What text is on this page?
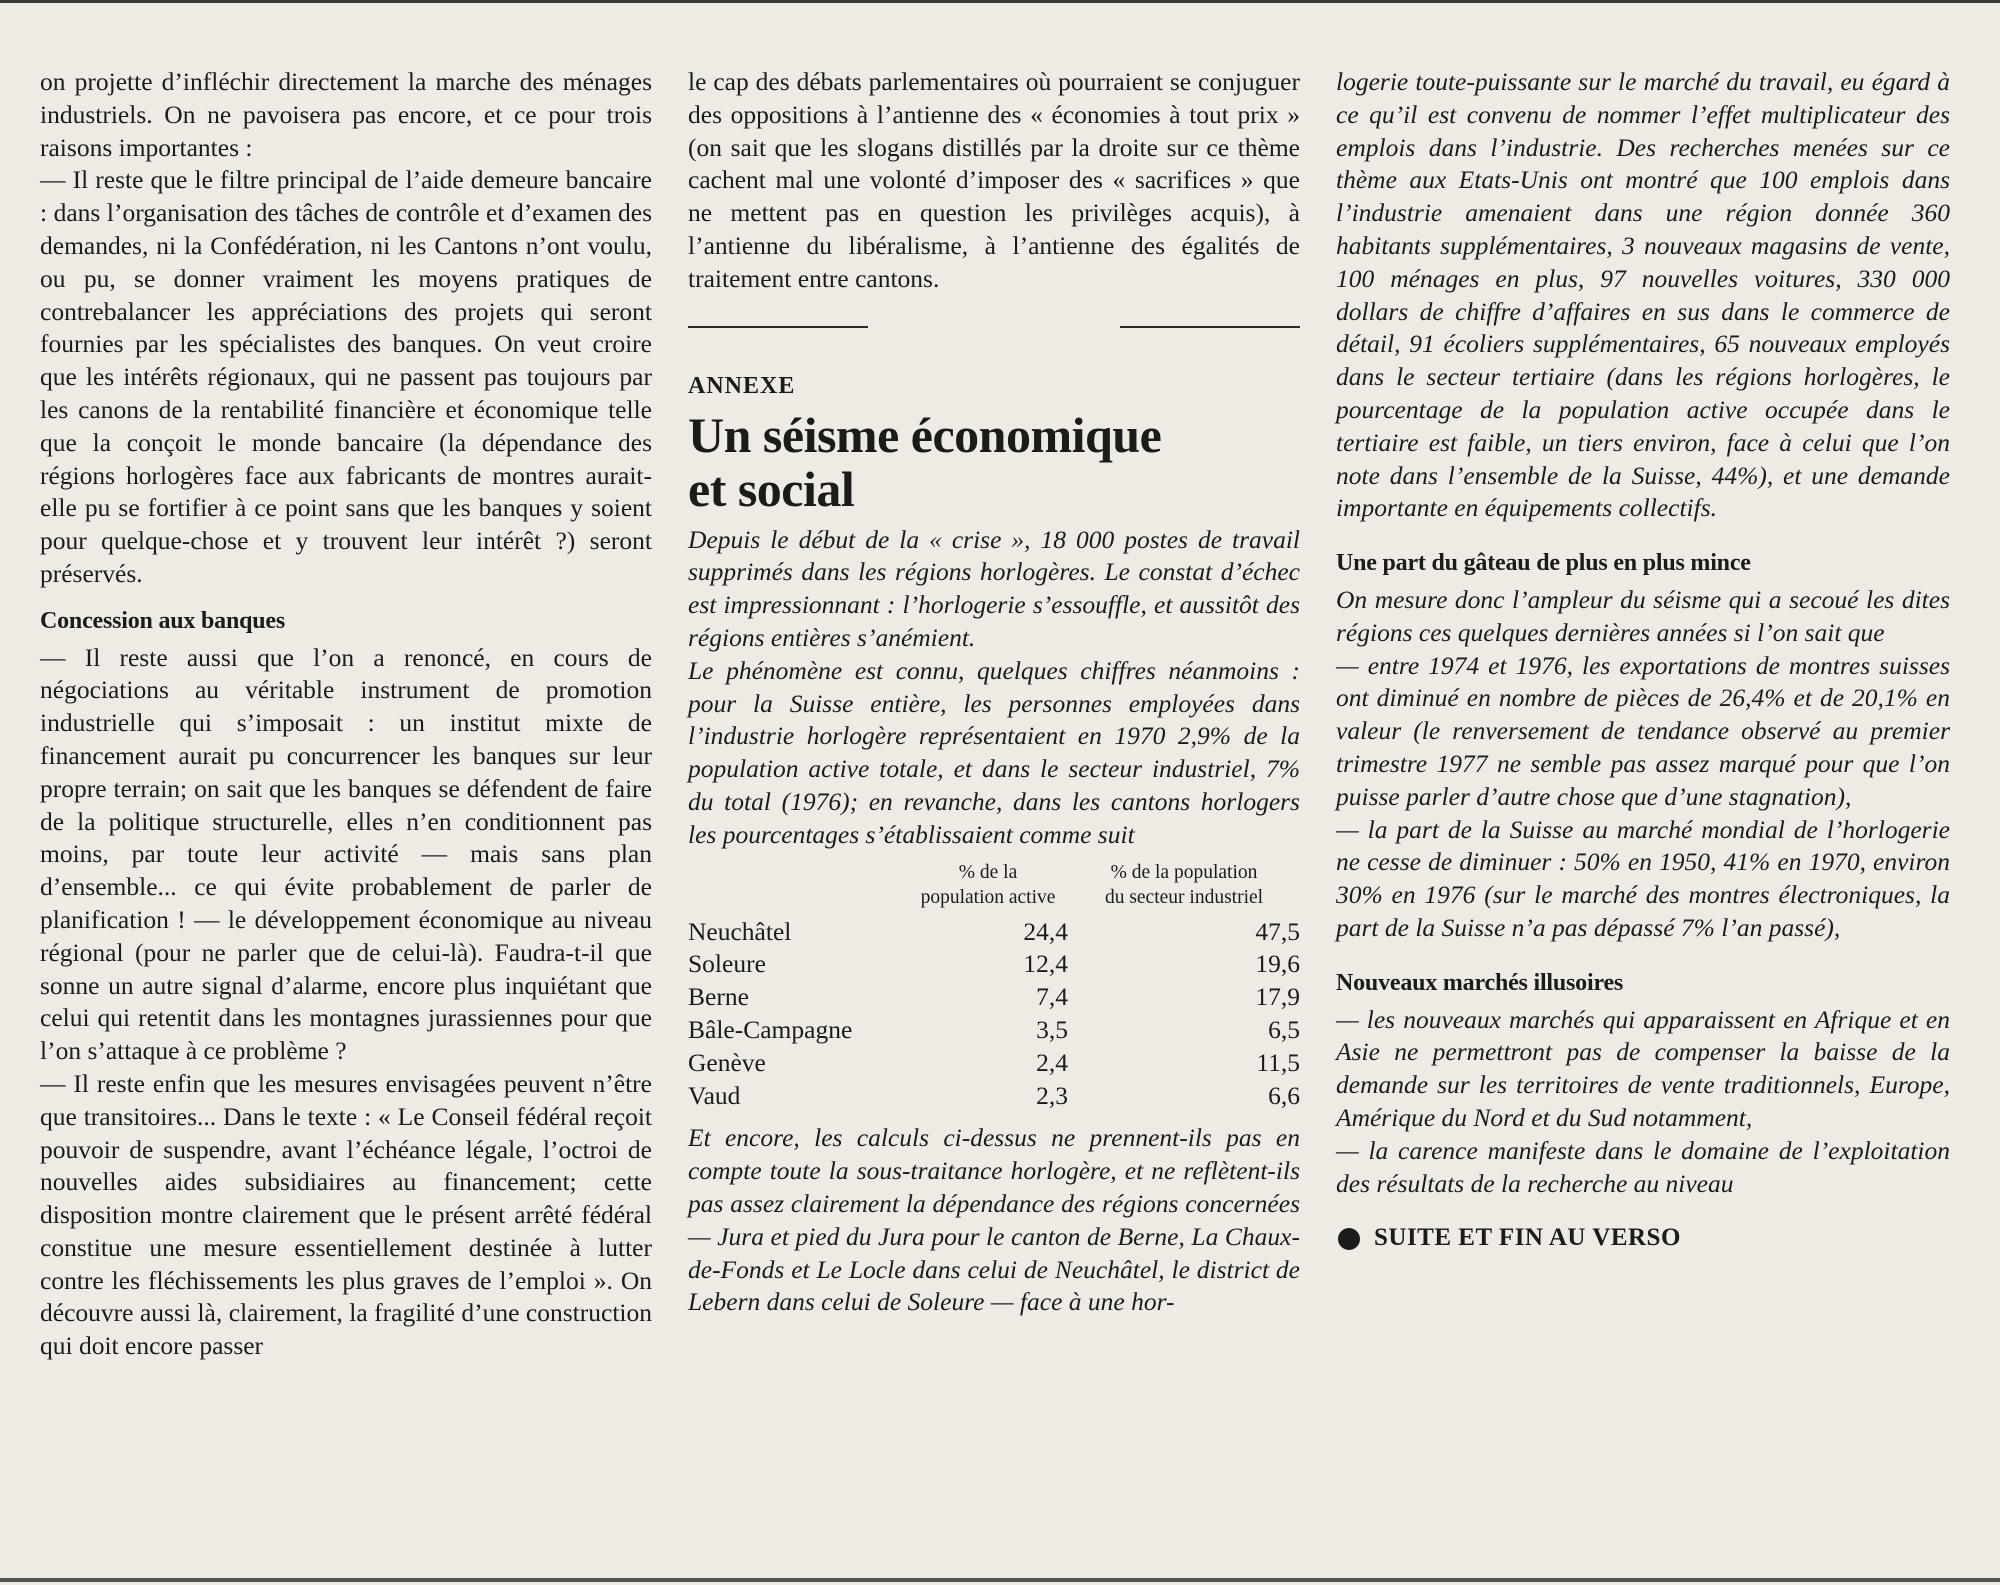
on projette d’infléchir directement la marche des ménages industriels. On ne pavoisera pas encore, et ce pour trois raisons importantes :

— Il reste que le filtre principal de l’aide demeure bancaire : dans l’organisation des tâches de contrôle et d’examen des demandes, ni la Confédération, ni les Cantons n’ont voulu, ou pu, se donner vraiment les moyens pratiques de contrebalancer les appréciations des projets qui seront fournies par les spécialistes des banques. On veut croire que les intérêts régionaux, qui ne passent pas toujours par les canons de la rentabilité financière et économique telle que la conçoit le monde bancaire (la dépendance des régions horlogères face aux fabricants de montres aurait-elle pu se fortifier à ce point sans que les banques y soient pour quelque-chose et y trouvent leur intérêt ?) seront préservés.

Concession aux banques

— Il reste aussi que l’on a renoncé, en cours de négociations au véritable instrument de promotion industrielle qui s’imposait : un institut mixte de financement aurait pu concurrencer les banques sur leur propre terrain; on sait que les banques se défendent de faire de la politique structurelle, elles n’en conditionnent pas moins, par toute leur activité — mais sans plan d’ensemble... ce qui évite probablement de parler de planification ! — le développement économique au niveau régional (pour ne parler que de celui-là). Faudra-t-il que sonne un autre signal d’alarme, encore plus inquiétant que celui qui retentit dans les montagnes jurassiennes pour que l’on s’attaque à ce problème ?

— Il reste enfin que les mesures envisagées peuvent n’être que transitoires... Dans le texte : « Le Conseil fédéral reçoit pouvoir de suspendre, avant l’échéance légale, l’octroi de nouvelles aides subsidiaires au financement; cette disposition montre clairement que le présent arrêté fédéral constitue une mesure essentiellement destinée à lutter contre les fléchissements les plus graves de l’emploi ». On découvre aussi là, clairement, la fragilité d’une construction qui doit encore passer

le cap des débats parlementaires où pourraient se conjuguer des oppositions à l’antienne des « économies à tout prix » (on sait que les slogans distillés par la droite sur ce thème cachent mal une volonté d’imposer des « sacrifices » que ne mettent pas en question les privilèges acquis), à l’antienne du libéralisme, à l’antienne des égalités de traitement entre cantons.

ANNEXE
Un séisme économique
et social

Depuis le début de la « crise », 18 000 postes de travail supprimés dans les régions horlogères. Le constat d’échec est impressionnant : l’horlogerie s’essouffle, et aussitôt des régions entières s’anémient.

Le phénomène est connu, quelques chiffres néanmoins : pour la Suisse entière, les personnes employées dans l’industrie horlogère représentaient en 1970 2,9% de la population active totale, et dans le secteur industriel, 7% du total (1976); en revanche, dans les cantons horlogers les pourcentages s’établissaient comme suit

	% de la
population active	% de la population
du secteur industriel
Neuchâtel	24,4	47,5
Soleure	12,4	19,6
Berne	7,4	17,9
Bâle-Campagne	3,5	6,5
Genève	2,4	11,5
Vaud	2,3	6,6

Et encore, les calculs ci-dessus ne prennent-ils pas en compte toute la sous-traitance horlogère, et ne reflètent-ils pas assez clairement la dépendance des régions concernées — Jura et pied du Jura pour le canton de Berne, La Chaux-de-Fonds et Le Locle dans celui de Neuchâtel, le district de Lebern dans celui de Soleure — face à une hor-

logerie toute-puissante sur le marché du travail, eu égard à ce qu’il est convenu de nommer l’effet multiplicateur des emplois dans l’industrie. Des recherches menées sur ce thème aux Etats-Unis ont montré que 100 emplois dans l’industrie amenaient dans une région donnée 360 habitants supplémentaires, 3 nouveaux magasins de vente, 100 ménages en plus, 97 nouvelles voitures, 330 000 dollars de chiffre d’affaires en sus dans le commerce de détail, 91 écoliers supplémentaires, 65 nouveaux employés dans le secteur tertiaire (dans les régions horlogères, le pourcentage de la population active occupée dans le tertiaire est faible, un tiers environ, face à celui que l’on note dans l’ensemble de la Suisse, 44%), et une demande importante en équipements collectifs.

Une part du gâteau de plus en plus mince

On mesure donc l’ampleur du séisme qui a secoué les dites régions ces quelques dernières années si l’on sait que

— entre 1974 et 1976, les exportations de montres suisses ont diminué en nombre de pièces de 26,4% et de 20,1% en valeur (le renversement de tendance observé au premier trimestre 1977 ne semble pas assez marqué pour que l’on puisse parler d’autre chose que d’une stagnation),

— la part de la Suisse au marché mondial de l’horlogerie ne cesse de diminuer : 50% en 1950, 41% en 1970, environ 30% en 1976 (sur le marché des montres électroniques, la part de la Suisse n’a pas dépassé 7% l’an passé),

Nouveaux marchés illusoires

— les nouveaux marchés qui apparaissent en Afrique et en Asie ne permettront pas de compenser la baisse de la demande sur les territoires de vente traditionnels, Europe, Amérique du Nord et du Sud notamment,

— la carence manifeste dans le domaine de l’exploitation des résultats de la recherche au niveau

SUITE ET FIN AU VERSO
